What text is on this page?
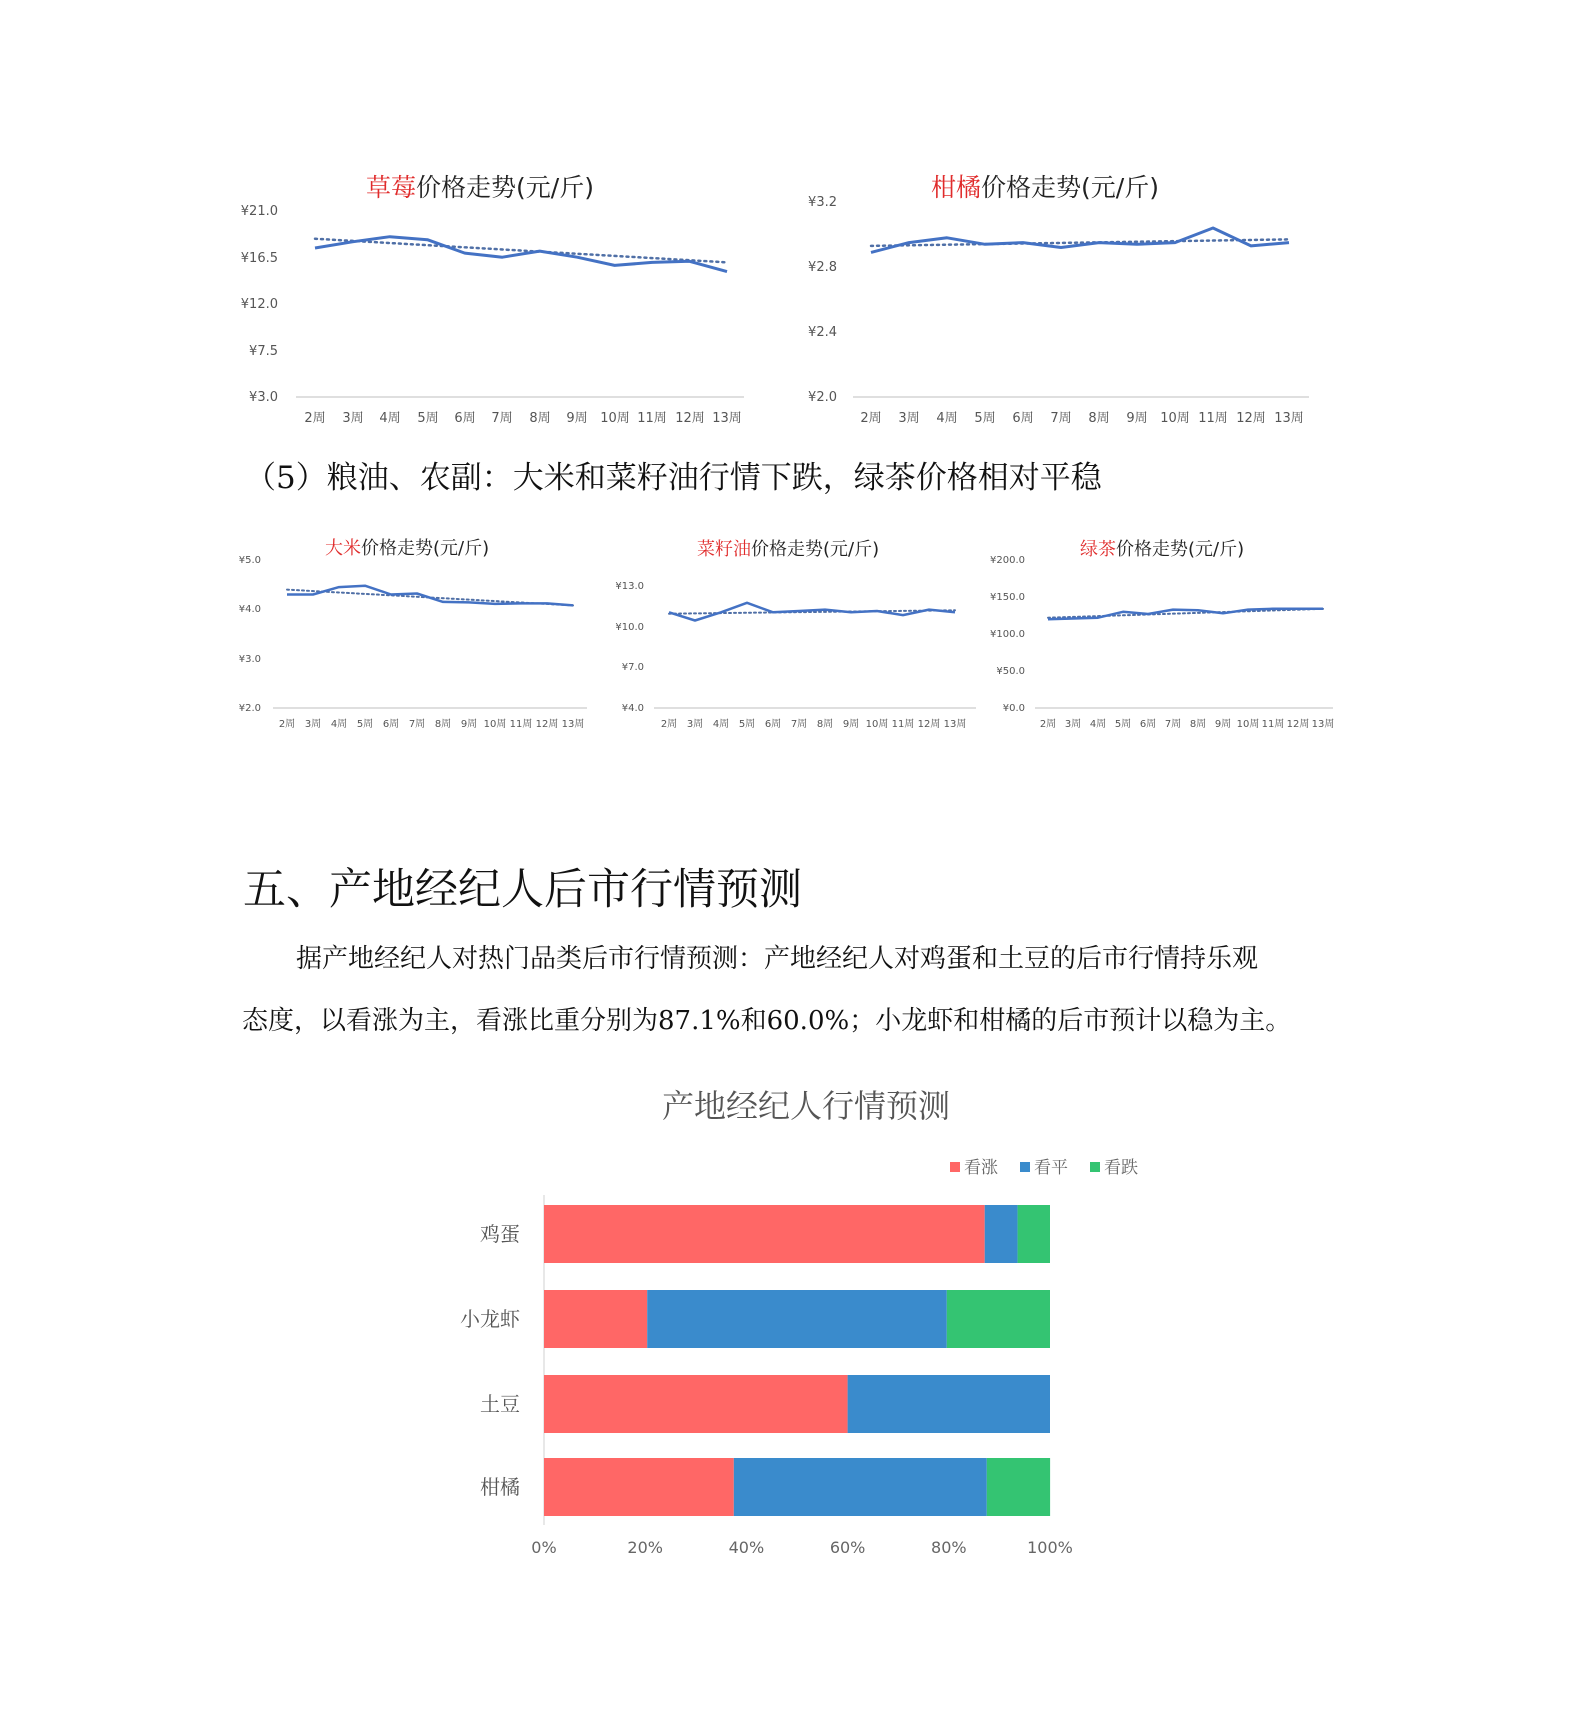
草莓价格走势(元/斤)	柑橘价格走势(元/斤)
¥21.0
¥16.5
¥12.0
¥7.5
¥3.0
2周 3周 4周 5周 6周 7周 8周 9周 10周 11周 12周 13周
¥3.2
¥2.8
¥2.4
¥2.0
2周 3周 4周 5周 6周 7周 8周 9周 10周 11周 12周 13周
（5）粮油、农副：大米和菜籽油行情下跌，绿茶价格相对平稳
大米价格走势(元/斤)	菜籽油价格走势(元/斤)	绿茶价格走势(元/斤)
¥5.0
¥4.0
¥3.0
¥2.0
2周 3周 4周 5周 6周 7周 8周 9周 10周 11周 12周 13周
¥13.0
¥10.0
¥7.0
¥4.0
2周 3周 4周 5周 6周 7周 8周 9周 10周 11周 12周 13周
¥200.0
¥150.0
¥100.0
¥50.0
¥0.0
2周 3周 4周 5周 6周 7周 8周 9周 10周 11周 12周 13周
五、产地经纪人后市行情预测
据产地经纪人对热门品类后市行情预测：产地经纪人对鸡蛋和土豆的后市行情持乐观
态度，以看涨为主，看涨比重分别为87.1%和60.0%；小龙虾和柑橘的后市预计以稳为主。
产地经纪人行情预测
看涨 看平 看跌
鸡蛋
小龙虾
土豆
柑橘
0%	20%	40%	60%	80%	100%
